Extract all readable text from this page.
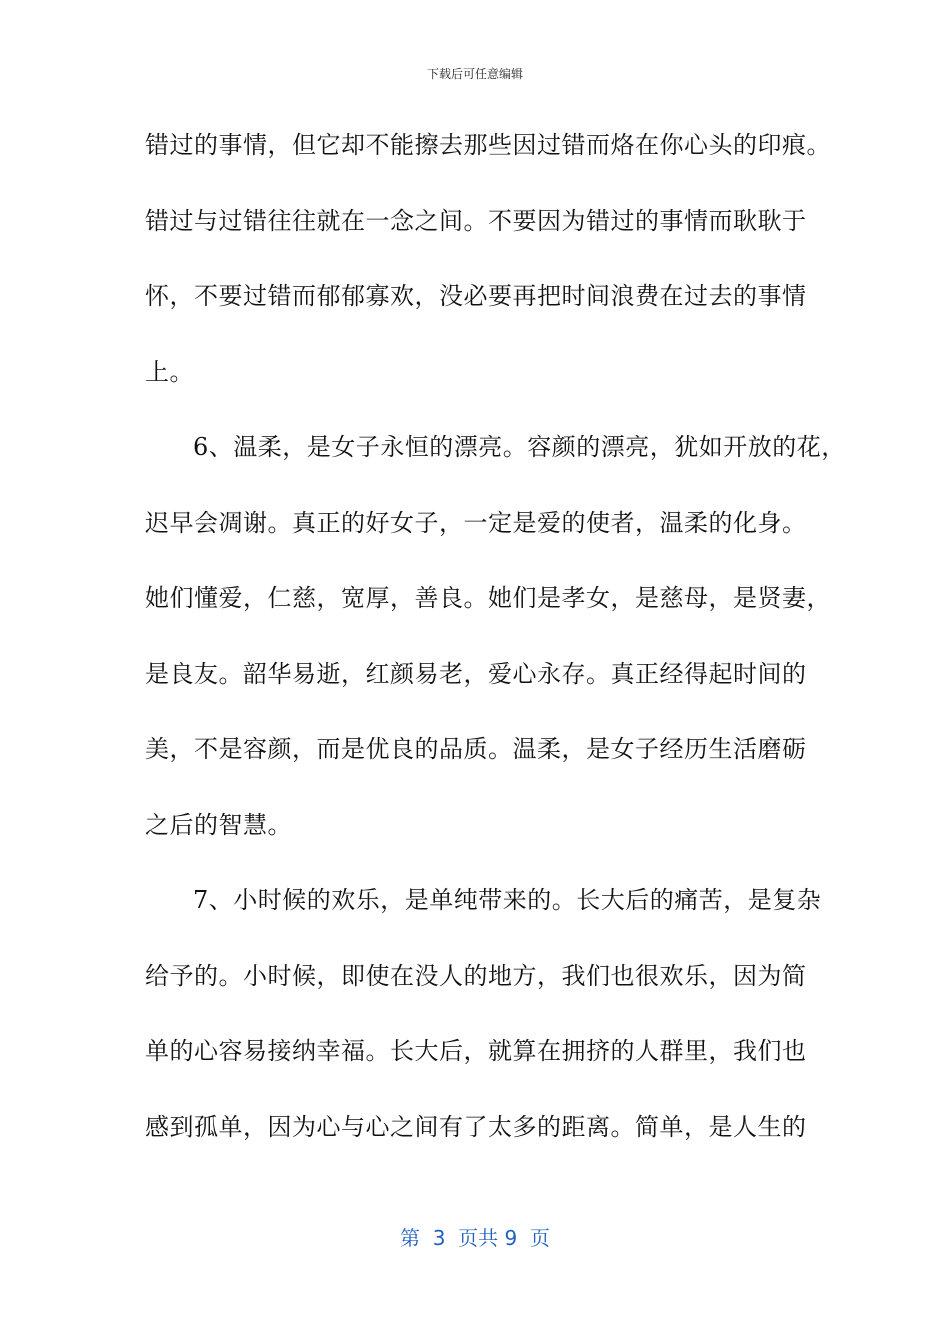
下载后可任意编辑
错过的事情，但它却不能擦去那些因过错而烙在你心头的印痕。
错过与过错往往就在一念之间。不要因为错过的事情而耿耿于
怀，不要过错而郁郁寡欢，没必要再把时间浪费在过去的事情
上。
6、温柔，是女子永恒的漂亮。容颜的漂亮，犹如开放的花，
迟早会凋谢。真正的好女子，一定是爱的使者，温柔的化身。
她们懂爱，仁慈，宽厚，善良。她们是孝女，是慈母，是贤妻，
是良友。韶华易逝，红颜易老，爱心永存。真正经得起时间的
美，不是容颜，而是优良的品质。温柔，是女子经历生活磨砺
之后的智慧。
7、小时候的欢乐，是单纯带来的。长大后的痛苦，是复杂
给予的。小时候，即使在没人的地方，我们也很欢乐，因为简
单的心容易接纳幸福。长大后，就算在拥挤的人群里，我们也
感到孤单，因为心与心之间有了太多的距离。简单，是人生的
第  3  页共 9  页
